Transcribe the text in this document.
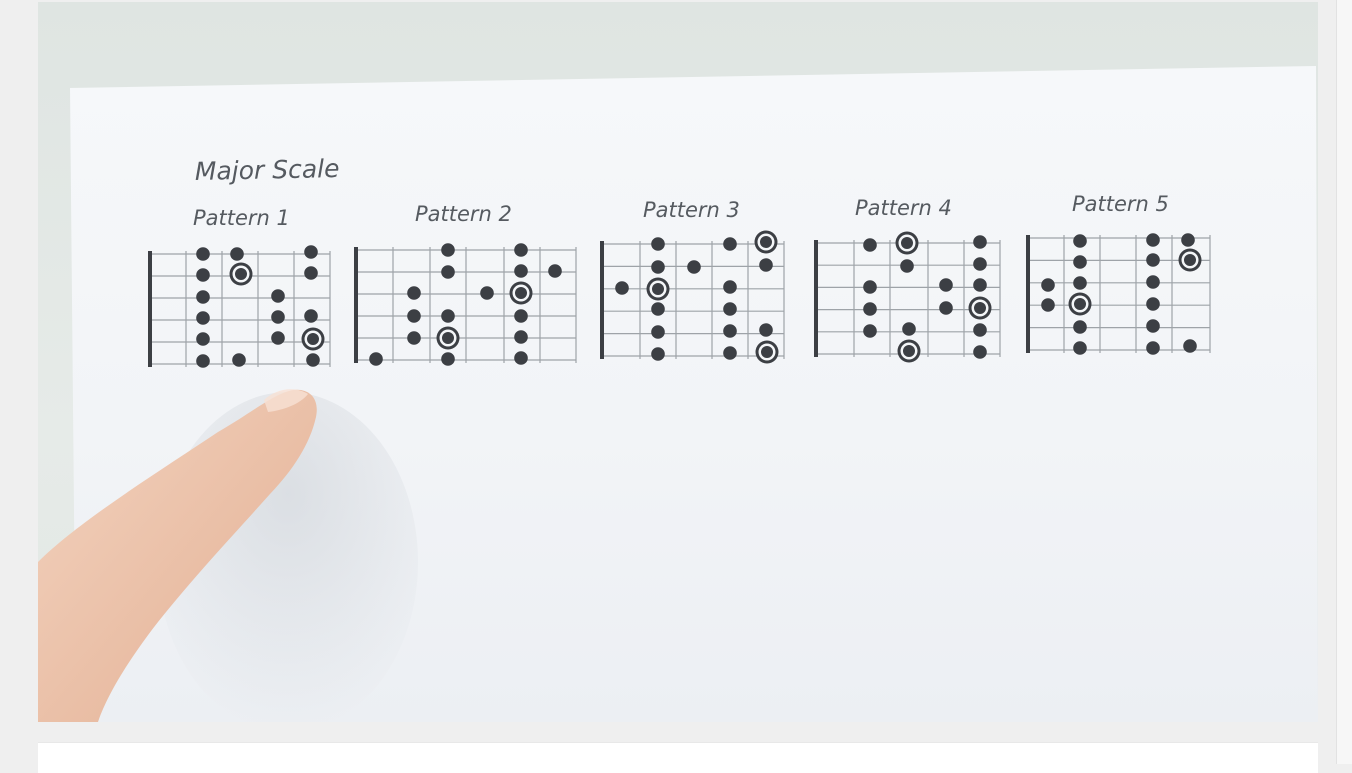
Major Scale
Pattern 1	Pattern 2	Pattern 3	Pattern 4	Pattern 5
